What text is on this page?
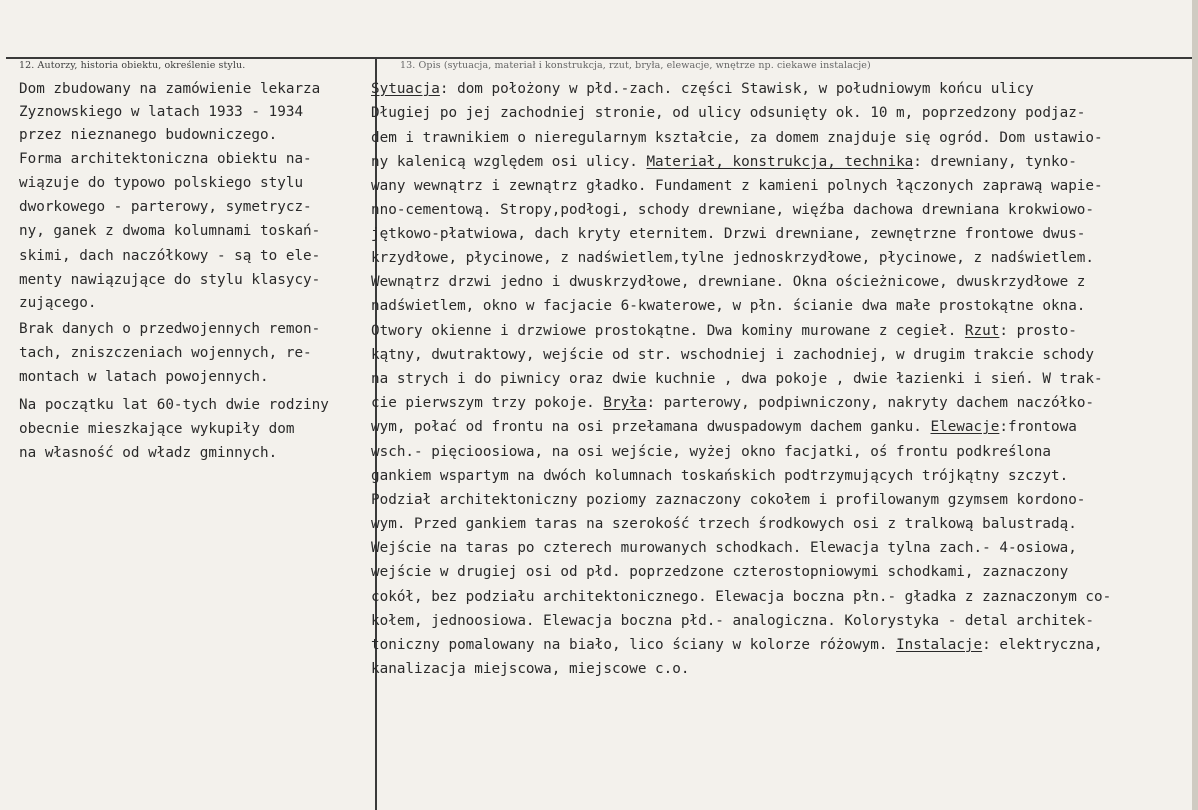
12. Autorzy, historia obiektu, określenie stylu.	13. Opis (sytuacja, materiał i konstrukcja, rzut, bryła, elewacje, wnętrze np. ciekawe instalacje)
Dom zbudowany na zamówienie lekarza
Zyznowskiego w latach 1933 - 1934
przez nieznanego budowniczego.
Forma architektoniczna obiektu na-
wiązuje do typowo polskiego stylu
dworkowego - parterowy, symetrycz-
ny, ganek z dwoma kolumnami toskań-
skimi, dach naczółkowy - są to ele-
menty nawiązujące do stylu klasycy-
zującego.
Brak danych o przedwojennych remon-
tach, zniszczeniach wojennych, re-
montach w latach powojennych.
Na początku lat 60-tych dwie rodziny
obecnie mieszkające wykupiły dom
na własność od władz gminnych.
Sytuacja: dom położony w płd.-zach. części Stawisk, w południowym końcu ulicy
Długiej po jej zachodniej stronie, od ulicy odsunięty ok. 10 m, poprzedzony podjaz-
dem i trawnikiem o nieregularnym kształcie, za domem znajduje się ogród. Dom ustawio-
ny kalenicą względem osi ulicy. Materiał, konstrukcja, technika: drewniany, tynko-
wany wewnątrz i zewnątrz gładko. Fundament z kamieni polnych łączonych zaprawą wapie-
nno-cementową. Stropy,podłogi, schody drewniane, więźba dachowa drewniana krokwiowo-
jętkowo-płatwiowa, dach kryty eternitem. Drzwi drewniane, zewnętrzne frontowe dwus-
krzydłowe, płycinowe, z nadświetlem,tylne jednoskrzydłowe, płycinowe, z nadświetlem.
Wewnątrz drzwi jedno i dwuskrzydłowe, drewniane. Okna ościeżnicowe, dwuskrzydłowe z
nadświetlem, okno w facjacie 6-kwaterowe, w płn. ścianie dwa małe prostokątne okna.
Otwory okienne i drzwiowe prostokątne. Dwa kominy murowane z cegieł. Rzut: prosto-
kątny, dwutraktowy, wejście od str. wschodniej i zachodniej, w drugim trakcie schody
na strych i do piwnicy oraz dwie kuchnie , dwa pokoje , dwie łazienki i sień. W trak-
cie pierwszym trzy pokoje. Bryła: parterowy, podpiwniczony, nakryty dachem naczółko-
wym, połać od frontu na osi przełamana dwuspadowym dachem ganku. Elewacje:frontowa
wsch.- pięcioosiowa, na osi wejście, wyżej okno facjatki, oś frontu podkreślona
gankiem wspartym na dwóch kolumnach toskańskich podtrzymujących trójkątny szczyt.
Podział architektoniczny poziomy zaznaczony cokołem i profilowanym gzymsem kordono-
wym. Przed gankiem taras na szerokość trzech środkowych osi z tralkową balustradą.
Wejście na taras po czterech murowanych schodkach. Elewacja tylna zach.- 4-osiowa,
wejście w drugiej osi od płd. poprzedzone czterostopniowymi schodkami, zaznaczony
cokół, bez podziału architektonicznego. Elewacja boczna płn.- gładka z zaznaczonym co-
kołem, jednoosiowa. Elewacja boczna płd.- analogiczna. Kolorystyka - detal architek-
toniczny pomalowany na biało, lico ściany w kolorze różowym. Instalacje: elektryczna,
kanalizacja miejscowa, miejscowe c.o.
